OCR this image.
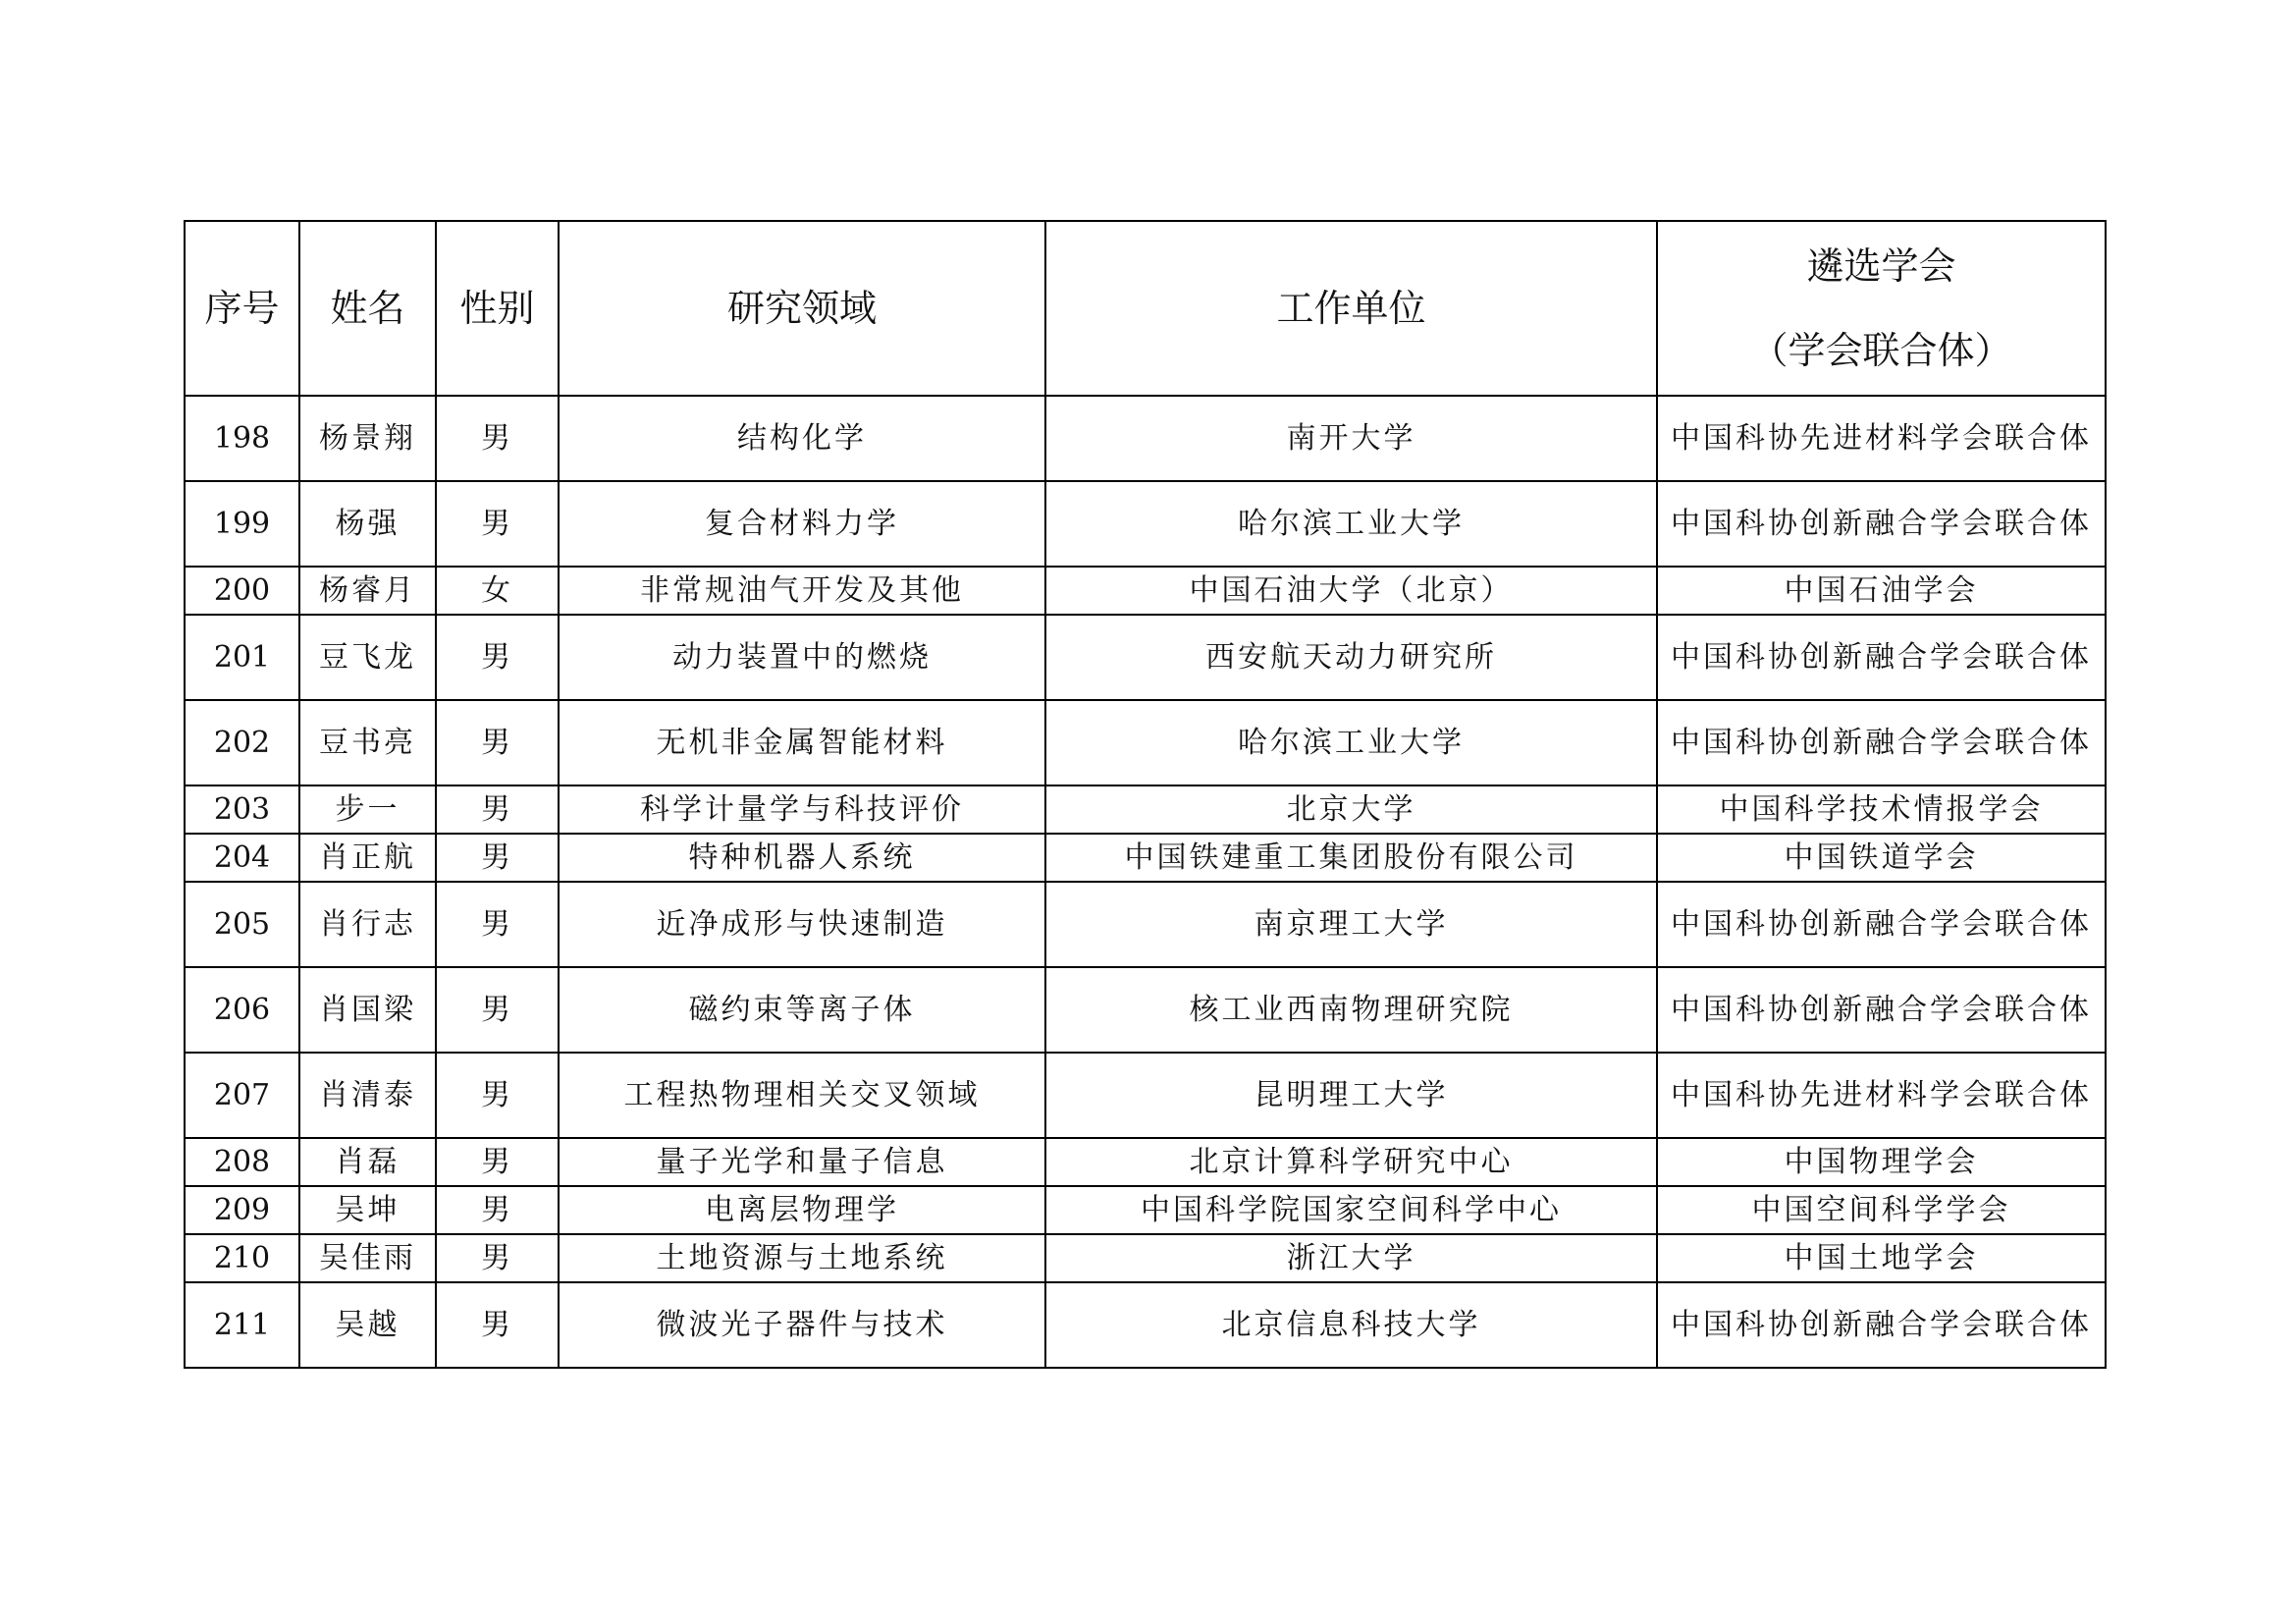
序号	姓名	性别	研究领域	工作单位	遴选学会
（学会联合体）

198	杨景翔	男	结构化学	南开大学	中国科协先进材料学会联合体
199	杨强	男	复合材料力学	哈尔滨工业大学	中国科协创新融合学会联合体
200	杨睿月	女	非常规油气开发及其他	中国石油大学（北京）	中国石油学会
201	豆飞龙	男	动力装置中的燃烧	西安航天动力研究所	中国科协创新融合学会联合体
202	豆书亮	男	无机非金属智能材料	哈尔滨工业大学	中国科协创新融合学会联合体
203	步一	男	科学计量学与科技评价	北京大学	中国科学技术情报学会
204	肖正航	男	特种机器人系统	中国铁建重工集团股份有限公司	中国铁道学会
205	肖行志	男	近净成形与快速制造	南京理工大学	中国科协创新融合学会联合体
206	肖国梁	男	磁约束等离子体	核工业西南物理研究院	中国科协创新融合学会联合体
207	肖清泰	男	工程热物理相关交叉领域	昆明理工大学	中国科协先进材料学会联合体
208	肖磊	男	量子光学和量子信息	北京计算科学研究中心	中国物理学会
209	吴坤	男	电离层物理学	中国科学院国家空间科学中心	中国空间科学学会
210	吴佳雨	男	土地资源与土地系统	浙江大学	中国土地学会
211	吴越	男	微波光子器件与技术	北京信息科技大学	中国科协创新融合学会联合体
